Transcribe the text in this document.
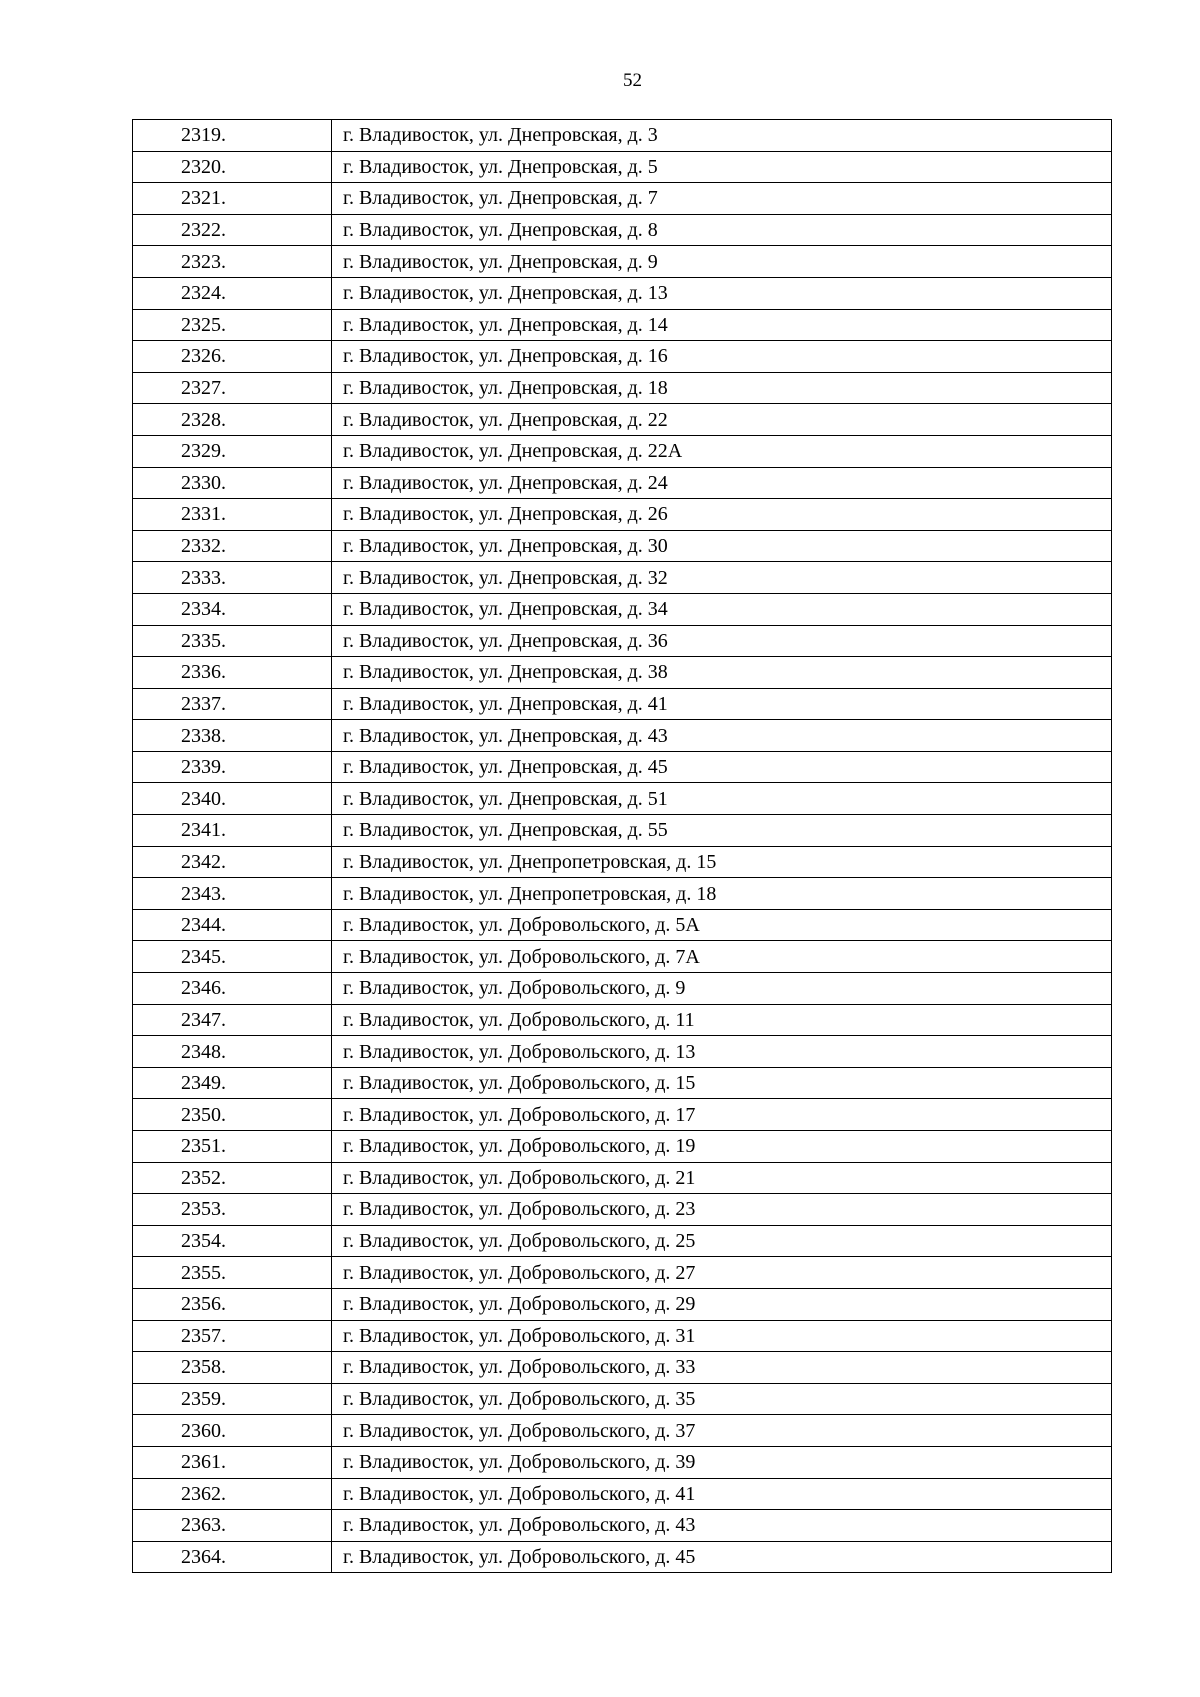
52
2319.	г. Владивосток, ул. Днепровская, д. 3
2320.	г. Владивосток, ул. Днепровская, д. 5
2321.	г. Владивосток, ул. Днепровская, д. 7
2322.	г. Владивосток, ул. Днепровская, д. 8
2323.	г. Владивосток, ул. Днепровская, д. 9
2324.	г. Владивосток, ул. Днепровская, д. 13
2325.	г. Владивосток, ул. Днепровская, д. 14
2326.	г. Владивосток, ул. Днепровская, д. 16
2327.	г. Владивосток, ул. Днепровская, д. 18
2328.	г. Владивосток, ул. Днепровская, д. 22
2329.	г. Владивосток, ул. Днепровская, д. 22А
2330.	г. Владивосток, ул. Днепровская, д. 24
2331.	г. Владивосток, ул. Днепровская, д. 26
2332.	г. Владивосток, ул. Днепровская, д. 30
2333.	г. Владивосток, ул. Днепровская, д. 32
2334.	г. Владивосток, ул. Днепровская, д. 34
2335.	г. Владивосток, ул. Днепровская, д. 36
2336.	г. Владивосток, ул. Днепровская, д. 38
2337.	г. Владивосток, ул. Днепровская, д. 41
2338.	г. Владивосток, ул. Днепровская, д. 43
2339.	г. Владивосток, ул. Днепровская, д. 45
2340.	г. Владивосток, ул. Днепровская, д. 51
2341.	г. Владивосток, ул. Днепровская, д. 55
2342.	г. Владивосток, ул. Днепропетровская, д. 15
2343.	г. Владивосток, ул. Днепропетровская, д. 18
2344.	г. Владивосток, ул. Добровольского, д. 5А
2345.	г. Владивосток, ул. Добровольского, д. 7А
2346.	г. Владивосток, ул. Добровольского, д. 9
2347.	г. Владивосток, ул. Добровольского, д. 11
2348.	г. Владивосток, ул. Добровольского, д. 13
2349.	г. Владивосток, ул. Добровольского, д. 15
2350.	г. Владивосток, ул. Добровольского, д. 17
2351.	г. Владивосток, ул. Добровольского, д. 19
2352.	г. Владивосток, ул. Добровольского, д. 21
2353.	г. Владивосток, ул. Добровольского, д. 23
2354.	г. Владивосток, ул. Добровольского, д. 25
2355.	г. Владивосток, ул. Добровольского, д. 27
2356.	г. Владивосток, ул. Добровольского, д. 29
2357.	г. Владивосток, ул. Добровольского, д. 31
2358.	г. Владивосток, ул. Добровольского, д. 33
2359.	г. Владивосток, ул. Добровольского, д. 35
2360.	г. Владивосток, ул. Добровольского, д. 37
2361.	г. Владивосток, ул. Добровольского, д. 39
2362.	г. Владивосток, ул. Добровольского, д. 41
2363.	г. Владивосток, ул. Добровольского, д. 43
2364.	г. Владивосток, ул. Добровольского, д. 45
